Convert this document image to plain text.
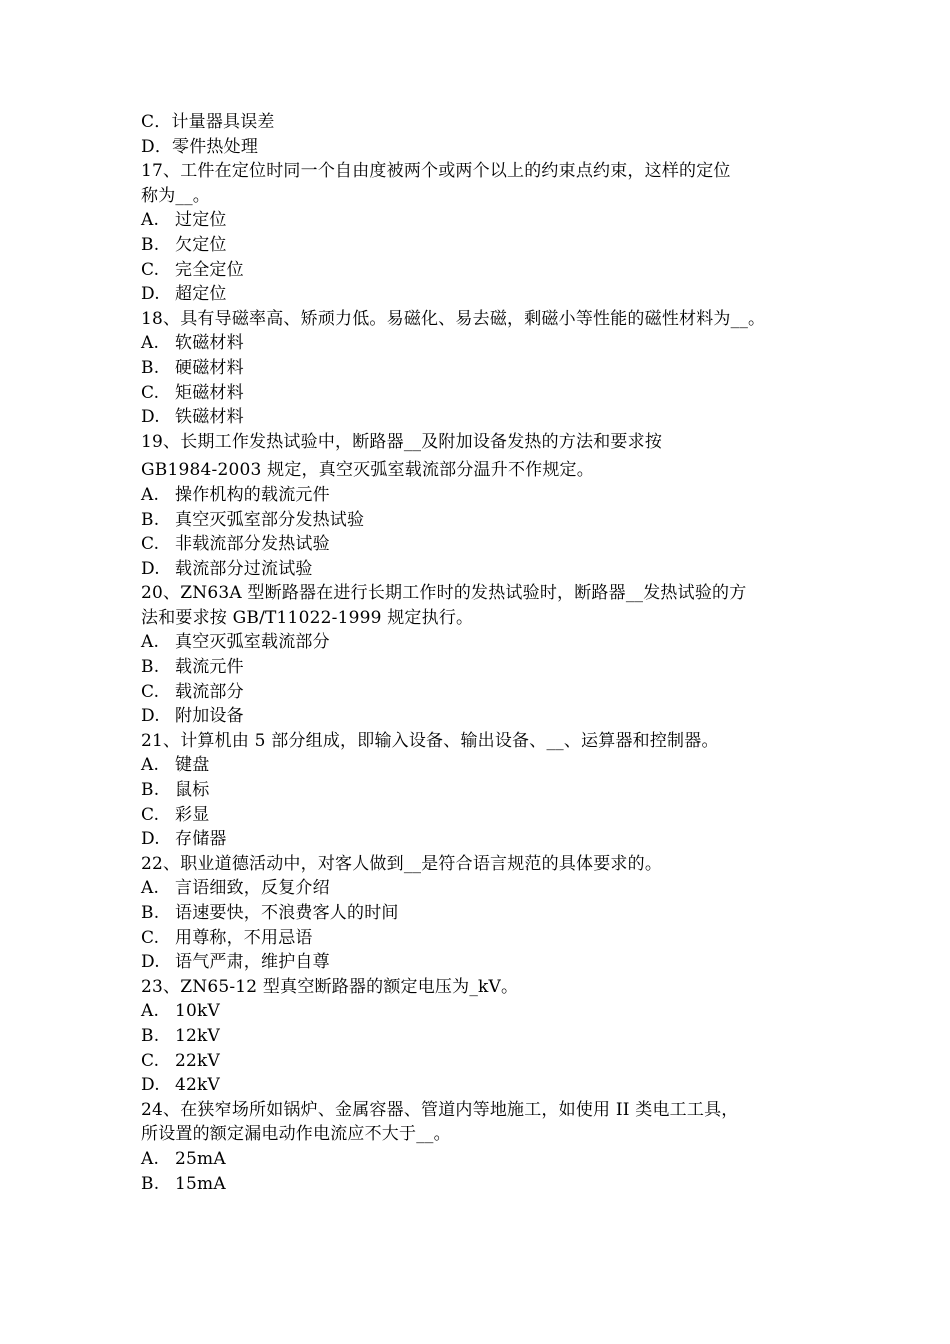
C．计量器具误差
D．零件热处理
17、工件在定位时同一个自由度被两个或两个以上的约束点约束，这样的定位
称为__。
A. 过定位
B. 欠定位
C. 完全定位
D. 超定位
18、具有导磁率高、矫顽力低。易磁化、易去磁，剩磁小等性能的磁性材料为__。
A. 软磁材料
B. 硬磁材料
C. 矩磁材料
D. 铁磁材料
19、长期工作发热试验中，断路器__及附加设备发热的方法和要求按
GB1984-2003 规定，真空灭弧室载流部分温升不作规定。
A. 操作机构的载流元件
B. 真空灭弧室部分发热试验
C. 非载流部分发热试验
D. 载流部分过流试验
20、ZN63A 型断路器在进行长期工作时的发热试验时，断路器__发热试验的方
法和要求按 GB/T11022-1999 规定执行。
A. 真空灭弧室载流部分
B. 载流元件
C. 载流部分
D. 附加设备
21、计算机由 5 部分组成，即输入设备、输出设备、__、运算器和控制器。
A. 键盘
B. 鼠标
C. 彩显
D. 存储器
22、职业道德活动中，对客人做到__是符合语言规范的具体要求的。
A. 言语细致，反复介绍
B. 语速要快，不浪费客人的时间
C. 用尊称，不用忌语
D. 语气严肃，维护自尊
23、ZN65-12 型真空断路器的额定电压为_kV。
A. 10kV
B. 12kV
C. 22kV
D. 42kV
24、在狭窄场所如锅炉、金属容器、管道内等地施工，如使用 II 类电工工具，
所设置的额定漏电动作电流应不大于__。
A. 25mA
B. 15mA
